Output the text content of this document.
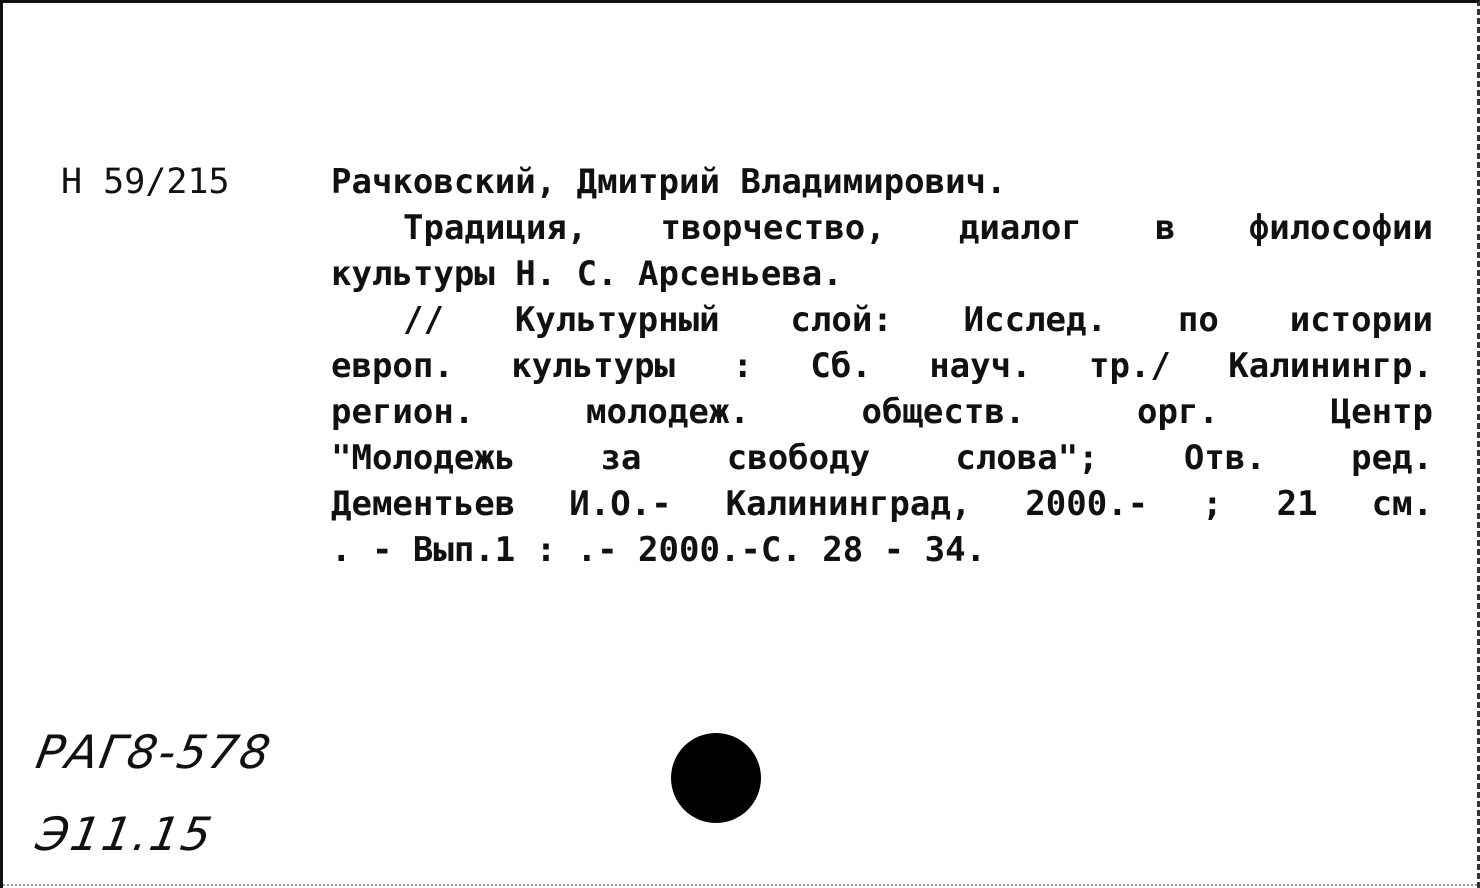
Н 59/215	Рачковский, Дмитрий Владимирович.
Традиция, творчество, диалог в философии
культуры Н. С. Арсеньева.
// Культурный слой: Исслед. по истории
европ. культуры : Сб. науч. тр./ Калинингр.
регион. молодеж. обществ. орг. Центр
"Молодежь за свободу слова"; Отв. ред.
Дементьев И.О.- Калининград, 2000.- ; 21 см.
. - Вып.1 : .- 2000.-С. 28 - 34.
РАГ8-578
Э11.15
